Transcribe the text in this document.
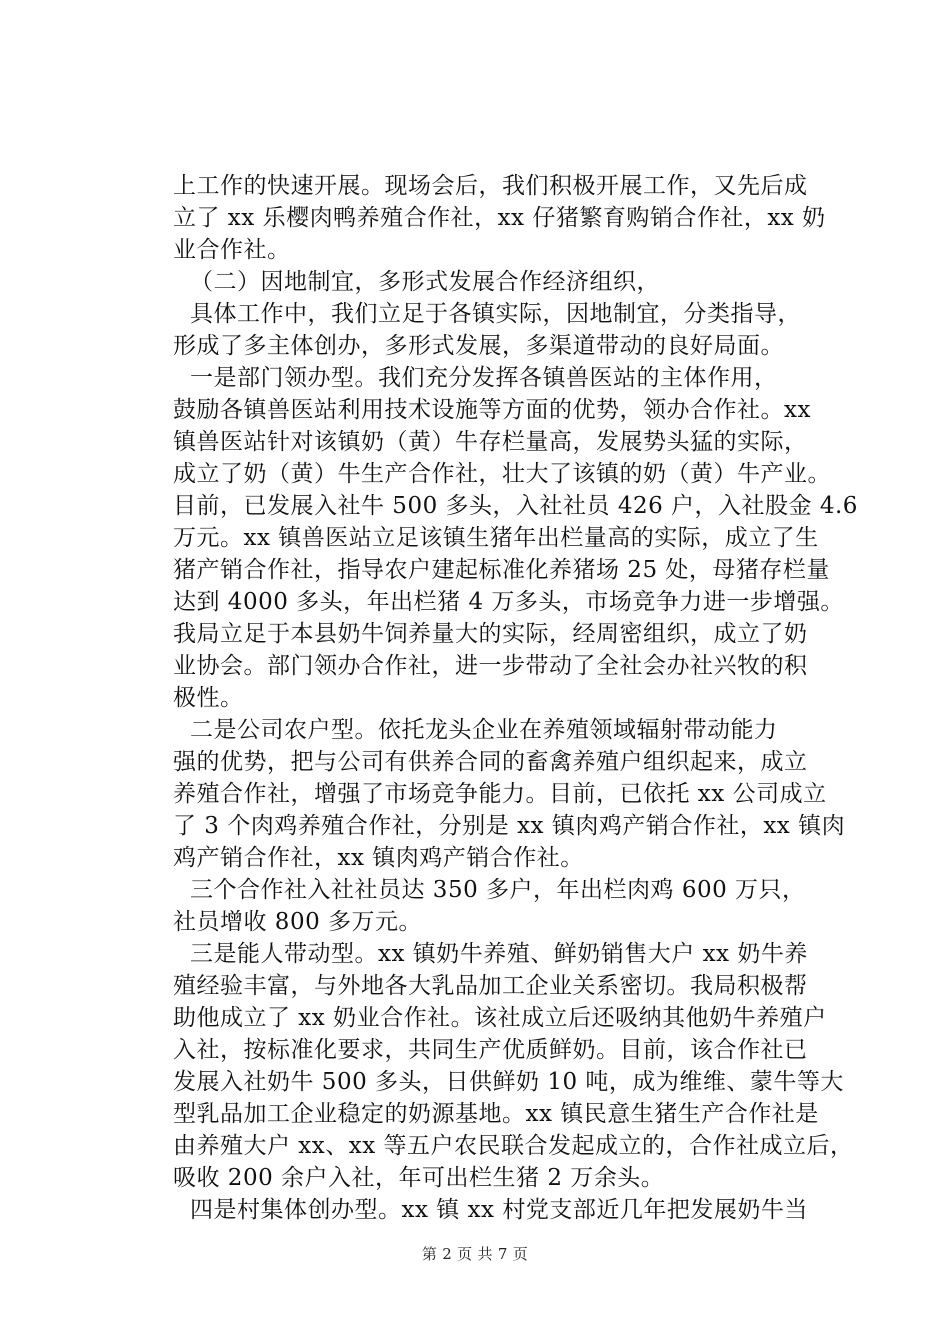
上工作的快速开展。现场会后，我们积极开展工作，又先后成
立了 xx 乐樱肉鸭养殖合作社，xx 仔猪繁育购销合作社，xx 奶
业合作社。
（二）因地制宜，多形式发展合作经济组织，
具体工作中，我们立足于各镇实际，因地制宜，分类指导，
形成了多主体创办，多形式发展，多渠道带动的良好局面。
一是部门领办型。我们充分发挥各镇兽医站的主体作用，
鼓励各镇兽医站利用技术设施等方面的优势，领办合作社。xx
镇兽医站针对该镇奶（黄）牛存栏量高，发展势头猛的实际，
成立了奶（黄）牛生产合作社，壮大了该镇的奶（黄）牛产业。
目前，已发展入社牛 500 多头，入社社员 426 户，入社股金 4.6
万元。xx 镇兽医站立足该镇生猪年出栏量高的实际，成立了生
猪产销合作社，指导农户建起标准化养猪场 25 处，母猪存栏量
达到 4000 多头，年出栏猪 4 万多头，市场竞争力进一步增强。
我局立足于本县奶牛饲养量大的实际，经周密组织，成立了奶
业协会。部门领办合作社，进一步带动了全社会办社兴牧的积
极性。
二是公司农户型。依托龙头企业在养殖领域辐射带动能力
强的优势，把与公司有供养合同的畜禽养殖户组织起来，成立
养殖合作社，增强了市场竞争能力。目前，已依托 xx 公司成立
了 3 个肉鸡养殖合作社，分别是 xx 镇肉鸡产销合作社，xx 镇肉
鸡产销合作社，xx 镇肉鸡产销合作社。
三个合作社入社社员达 350 多户，年出栏肉鸡 600 万只，
社员增收 800 多万元。
三是能人带动型。xx 镇奶牛养殖、鲜奶销售大户 xx 奶牛养
殖经验丰富，与外地各大乳品加工企业关系密切。我局积极帮
助他成立了 xx 奶业合作社。该社成立后还吸纳其他奶牛养殖户
入社，按标准化要求，共同生产优质鲜奶。目前，该合作社已
发展入社奶牛 500 多头，日供鲜奶 10 吨，成为维维、蒙牛等大
型乳品加工企业稳定的奶源基地。xx 镇民意生猪生产合作社是
由养殖大户 xx、xx 等五户农民联合发起成立的，合作社成立后，
吸收 200 余户入社，年可出栏生猪 2 万余头。
四是村集体创办型。xx 镇 xx 村党支部近几年把发展奶牛当
第 2 页 共 7 页
